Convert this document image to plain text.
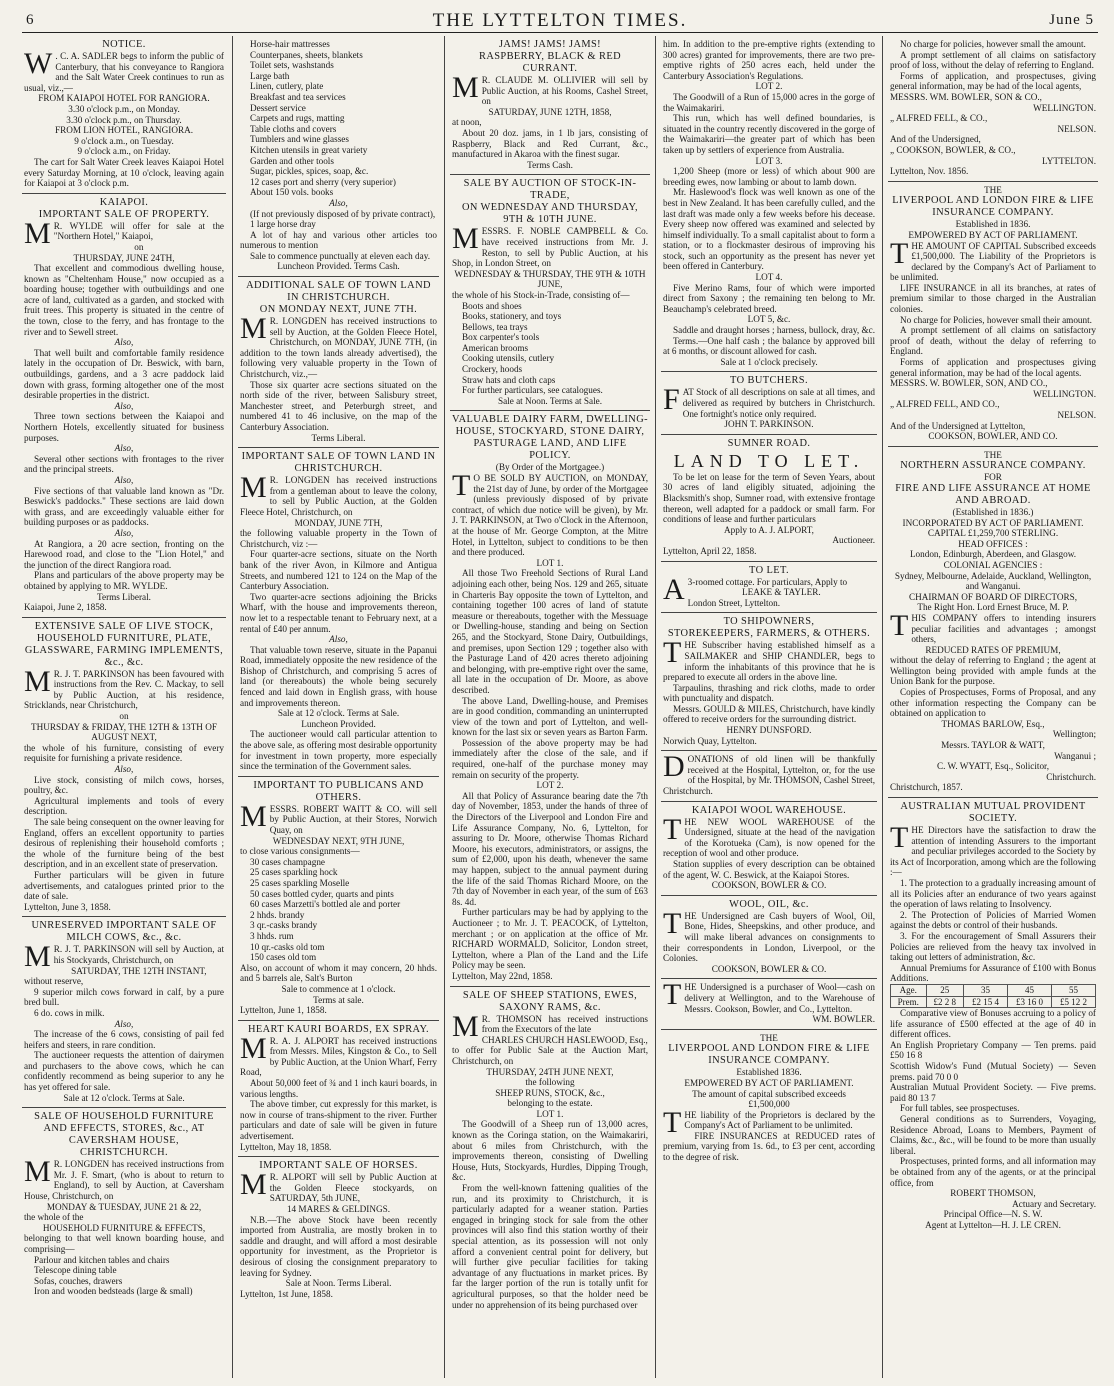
6	THE LYTTELTON TIMES.	June 5
NOTICE.

W . C. A. SADLER begs to inform the public of Canterbury, that his conveyance to Rangiora and the Salt Water Creek continues to run as usual, viz.,—

FROM KAIAPOI HOTEL FOR RANGIORA.

3.30 o'clock p.m., on Monday.

3.30 o'clock p.m., on Thursday.

FROM LION HOTEL, RANGIORA.

9 o'clock a.m., on Tuesday.

9 o'clock a.m., on Friday.

The cart for Salt Water Creek leaves Kaiapoi Hotel every Saturday Morning, at 10 o'clock, leaving again for Kaiapoi at 3 o'clock p.m.

KAIAPOI.
IMPORTANT SALE OF PROPERTY.

M R. WYLDE will offer for sale at the "Northern Hotel," Kaiapoi,

on

THURSDAY, JUNE 24TH,

That excellent and commodious dwelling house, known as "Cheltenham House," now occupied as a boarding house; together with outbuildings and one acre of land, cultivated as a garden, and stocked with fruit trees. This property is situated in the centre of the town, close to the ferry, and has frontage to the river and to Sewell street.

Also,

That well built and comfortable family residence lately in the occupation of Dr. Beswick, with barn, outbuildings, gardens, and a 3 acre paddock laid down with grass, forming altogether one of the most desirable properties in the district.

Also,

Three town sections between the Kaiapoi and Northern Hotels, excellently situated for business purposes.

Also,

Several other sections with frontages to the river and the principal streets.

Also,

Five sections of that valuable land known as "Dr. Beswick's paddocks." These sections are laid down with grass, and are exceedingly valuable either for building purposes or as paddocks.

Also,

At Rangiora, a 20 acre section, fronting on the Harewood road, and close to the "Lion Hotel," and the junction of the direct Rangiora road.

Plans and particulars of the above property may be obtained by applying to MR. WYLDE.

Terms Liberal.

Kaiapoi, June 2, 1858.

EXTENSIVE SALE OF LIVE STOCK, HOUSEHOLD FURNITURE, PLATE, GLASSWARE, FARMING IMPLEMENTS, &c., &c.

M R. J. T. PARKINSON has been favoured with instructions from the Rev. C. Mackay, to sell by Public Auction, at his residence, Stricklands, near Christchurch,

on

THURSDAY & FRIDAY, THE 12TH & 13TH OF AUGUST NEXT,

the whole of his furniture, consisting of every requisite for furnishing a private residence.

Also,

Live stock, consisting of milch cows, horses, poultry, &c.

Agricultural implements and tools of every description.

The sale being consequent on the owner leaving for England, offers an excellent opportunity to parties desirous of replenishing their household comforts ; the whole of the furniture being of the best description, and in an excellent state of preservation.

Further particulars will be given in future advertisements, and catalogues printed prior to the date of sale.

Lyttelton, June 3, 1858.

UNRESERVED IMPORTANT SALE OF MILCH COWS, &c., &c.

M R. J. T. PARKINSON will sell by Auction, at his Stockyards, Christchurch, on

SATURDAY, THE 12TH INSTANT,

without reserve,

9 superior milch cows forward in calf, by a pure bred bull.

6 do. cows in milk.

Also,

The increase of the 6 cows, consisting of pail fed heifers and steers, in rare condition.

The auctioneer requests the attention of dairymen and purchasers to the above cows, which he can confidently recommend as being superior to any he has yet offered for sale.

Sale at 12 o'clock. Terms at Sale.

SALE OF HOUSEHOLD FURNITURE AND EFFECTS, STORES, &c., AT CAVERSHAM HOUSE, CHRISTCHURCH.

M R. LONGDEN has received instructions from Mr. J. F. Smart, (who is about to return to England), to sell by Auction, at Caversham House, Christchurch, on

MONDAY & TUESDAY, JUNE 21 & 22,

the whole of the

HOUSEHOLD FURNITURE & EFFECTS,

belonging to that well known boarding house, and comprising—

Parlour and kitchen tables and chairs

Telescope dining table

Sofas, couches, drawers

Iron and wooden bedsteads (large & small)

Horse-hair mattresses

Counterpanes, sheets, blankets

Toilet sets, washstands

Large bath

Linen, cutlery, plate

Breakfast and tea services

Dessert service

Carpets and rugs, matting

Table cloths and covers

Tumblers and wine glasses

Kitchen utensils in great variety

Garden and other tools

Sugar, pickles, spices, soap, &c.

12 cases port and sherry (very superior)

About 150 vols. books

Also,

(If not previously disposed of by private contract),

1 large horse dray

A lot of hay and various other articles too numerous to mention

Sale to commence punctually at eleven each day.

Luncheon Provided. Terms Cash.

ADDITIONAL SALE OF TOWN LAND IN CHRISTCHURCH.
ON MONDAY NEXT, JUNE 7TH.

M R. LONGDEN has received instructions to sell by Auction, at the Golden Fleece Hotel, Christchurch, on MONDAY, JUNE 7TH, (in addition to the town lands already advertised), the following very valuable property in the Town of Christchurch, viz.,—

Those six quarter acre sections situated on the north side of the river, between Salisbury street, Manchester street, and Peterburgh street, and numbered 41 to 46 inclusive, on the map of the Canterbury Association.

Terms Liberal.

IMPORTANT SALE OF TOWN LAND IN CHRISTCHURCH.

M R. LONGDEN has received instructions from a gentleman about to leave the colony, to sell by Public Auction, at the Golden Fleece Hotel, Christchurch, on

MONDAY, JUNE 7TH,

the following valuable property in the Town of Christchurch, viz :—

Four quarter-acre sections, situate on the North bank of the river Avon, in Kilmore and Antigua Streets, and numbered 121 to 124 on the Map of the Canterbury Association.

Two quarter-acre sections adjoining the Bricks Wharf, with the house and improvements thereon, now let to a respectable tenant to February next, at a rental of £40 per annum.

Also,

That valuable town reserve, situate in the Papanui Road, immediately opposite the new residence of the Bishop of Christchurch, and comprising 5 acres of land (or thereabouts) the whole being securely fenced and laid down in English grass, with house and improvements thereon.

Sale at 12 o'clock. Terms at Sale.

Luncheon Provided.

The auctioneer would call particular attention to the above sale, as offering most desirable opportunity for investment in town property, more especially since the termination of the Government sales.

IMPORTANT TO PUBLICANS AND OTHERS.

MESSRS. ROBERT WAITT & CO. will sell by Public Auction, at their Stores, Norwich Quay, on

WEDNESDAY NEXT, 9TH JUNE,

to close various consignments—

30 cases champagne

25 cases sparkling hock

25 cases sparkling Moselle

50 cases bottled cyder, quarts and pints

60 cases Marzetti's bottled ale and porter

2 hhds. brandy

3 qr.-casks brandy

3 hhds. rum

10 qr.-casks old tom

150 cases old tom

Also, on account of whom it may concern, 20 hhds. and 5 barrels ale, Salt's Burton

Sale to commence at 1 o'clock.

Terms at sale.

Lyttelton, June 1, 1858.

HEART KAURI BOARDS, EX SPRAY.

M R. A. J. ALPORT has received instructions from Messrs. Miles, Kingston & Co., to Sell by Public Auction, at the Union Wharf, Ferry Road,

About 50,000 feet of ¾ and 1 inch kauri boards, in various lengths.

The above timber, cut expressly for this market, is now in course of trans-shipment to the river. Further particulars and date of sale will be given in future advertisement.

Lyttelton, May 18, 1858.

IMPORTANT SALE OF HORSES.

M R. ALPORT will sell by Public Auction at the Golden Fleece stockyards, on SATURDAY, 5th JUNE,

14 MARES & GELDINGS.

N.B.—The above Stock have been recently imported from Australia, are mostly broken in to saddle and draught, and will afford a most desirable opportunity for investment, as the Proprietor is desirous of closing the consignment preparatory to leaving for Sydney.

Sale at Noon. Terms Liberal.

Lyttelton, 1st June, 1858.

JAMS! JAMS! JAMS!
RASPBERRY, BLACK & RED CURRANT.

M R. CLAUDE M. OLLIVIER will sell by Public Auction, at his Rooms, Cashel Street, on

SATURDAY, JUNE 12TH, 1858,

at noon,

About 20 doz. jams, in 1 lb jars, consisting of Raspberry, Black and Red Currant, &c., manufactured in Akaroa with the finest sugar.

Terms Cash.

SALE BY AUCTION OF STOCK-IN-TRADE,
ON WEDNESDAY AND THURSDAY, 9TH & 10TH JUNE.

MESSRS. F. NOBLE CAMPBELL & Co. have received instructions from Mr. J. Reston, to sell by Public Auction, at his Shop, in London Street, on

WEDNESDAY & THURSDAY, THE 9TH & 10TH JUNE,

the whole of his Stock-in-Trade, consisting of—

Boots and shoes

Books, stationery, and toys

Bellows, tea trays

Box carpenter's tools

American brooms

Cooking utensils, cutlery

Crockery, hoods

Straw hats and cloth caps

For further particulars, see catalogues.

Sale at Noon. Terms at Sale.

VALUABLE DAIRY FARM, DWELLING-HOUSE, STOCKYARD, STONE DAIRY, PASTURAGE LAND, AND LIFE POLICY.

(By Order of the Mortgagee.)

T O BE SOLD BY AUCTION, on MONDAY, the 21st day of June, by order of the Mortgagee (unless previously disposed of by private contract, of which due notice will be given), by Mr. J. T. PARKINSON, at Two o'Clock in the Afternoon, at the house of Mr. George Compton, at the Mitre Hotel, in Lyttelton, subject to conditions to be then and there produced.

LOT 1.

All those Two Freehold Sections of Rural Land adjoining each other, being Nos. 129 and 265, situate in Charteris Bay opposite the town of Lyttelton, and containing together 100 acres of land of statute measure or thereabouts, together with the Messuage or Dwelling-house, standing and being on Section 265, and the Stockyard, Stone Dairy, Outbuildings, and premises, upon Section 129 ; together also with the Pasturage Land of 420 acres thereto adjoining and belonging, with pre-emptive right over the same, all late in the occupation of Dr. Moore, as above described.

The above Land, Dwelling-house, and Premises are in good condition, commanding an uninterrupted view of the town and port of Lyttelton, and well-known for the last six or seven years as Barton Farm.

Possession of the above property may be had immediately after the close of the sale, and if required, one-half of the purchase money may remain on security of the property.

LOT 2.

All that Policy of Assurance bearing date the 7th day of November, 1853, under the hands of three of the Directors of the Liverpool and London Fire and Life Assurance Company, No. 6, Lyttelton, for assuring to Dr. Moore, otherwise Thomas Richard Moore, his executors, administrators, or assigns, the sum of £2,000, upon his death, whenever the same may happen, subject to the annual payment during the life of the said Thomas Richard Moore, on the 7th day of November in each year, of the sum of £63 8s. 4d.

Further particulars may be had by applying to the Auctioneer ; to Mr. J. T. PEACOCK, of Lyttelton, merchant ; or on application at the office of Mr. RICHARD WORMALD, Solicitor, London street, Lyttelton, where a Plan of the Land and the Life Policy may be seen.

Lyttelton, May 22nd, 1858.

SALE OF SHEEP STATIONS, EWES, SAXONY RAMS, &c.

M R. THOMSON has received instructions from the Executors of the late

CHARLES CHURCH HASLEWOOD, Esq.,

to offer for Public Sale at the Auction Mart, Christchurch, on

THURSDAY, 24TH JUNE NEXT,

the following

SHEEP RUNS, STOCK, &c.,

belonging to the estate.

LOT 1.

The Goodwill of a Sheep run of 13,000 acres, known as the Coringa station, on the Waimakariri, about 6 miles from Christchurch, with the improvements thereon, consisting of Dwelling House, Huts, Stockyards, Hurdles, Dipping Trough, &c.

From the well-known fattening qualities of the run, and its proximity to Christchurch, it is particularly adapted for a weaner station. Parties engaged in bringing stock for sale from the other provinces will also find this station worthy of their special attention, as its possession will not only afford a convenient central point for delivery, but will further give peculiar facilities for taking advantage of any fluctuations in market prices. By far the larger portion of the run is totally unfit for agricultural purposes, so that the holder need be under no apprehension of its being purchased over

him. In addition to the pre-emptive rights (extending to 300 acres) granted for improvements, there are two pre-emptive rights of 250 acres each, held under the Canterbury Association's Regulations.

LOT 2.

The Goodwill of a Run of 15,000 acres in the gorge of the Waimakariri.

This run, which has well defined boundaries, is situated in the country recently discovered in the gorge of the Waimakariri—the greater part of which has been taken up by settlers of experience from Australia.

LOT 3.

1,200 Sheep (more or less) of which about 900 are breeding ewes, now lambing or about to lamb down.

Mr. Haslewood's flock was well known as one of the best in New Zealand. It has been carefully culled, and the last draft was made only a few weeks before his decease. Every sheep now offered was examined and selected by himself individually. To a small capitalist about to form a station, or to a flockmaster desirous of improving his stock, such an opportunity as the present has never yet been offered in Canterbury.

LOT 4.

Five Merino Rams, four of which were imported direct from Saxony ; the remaining ten belong to Mr. Beauchamp's celebrated breed.

LOT 5, &c.

Saddle and draught horses ; harness, bullock, dray, &c.

Terms.—One half cash ; the balance by approved bill at 6 months, or discount allowed for cash.

Sale at 1 o'clock precisely.

TO BUTCHERS.

FAT Stock of all descriptions on sale at all times, and delivered as required by butchers in Christchurch. One fortnight's notice only required.

JOHN T. PARKINSON.

SUMNER ROAD.
LAND TO LET.

To be let on lease for the term of Seven Years, about 30 acres of land eligibly situated, adjoining the Blacksmith's shop, Sumner road, with extensive frontage thereon, well adapted for a paddock or small farm. For conditions of lease and further particulars

Apply to A. J. ALPORT,

Auctioneer.

Lyttelton, April 22, 1858.

TO LET.

A 3-roomed cottage. For particulars, Apply to

LEAKE & TAYLER.

London Street, Lyttelton.

TO SHIPOWNERS,
STOREKEEPERS, FARMERS, & OTHERS.

THE Subscriber having established himself as a SAILMAKER and SHIP CHANDLER, begs to inform the inhabitants of this province that he is prepared to execute all orders in the above line.

Tarpaulins, thrashing and rick cloths, made to order with punctuality and dispatch.

Messrs. GOULD & MILES, Christchurch, have kindly offered to receive orders for the surrounding district.

HENRY DUNSFORD.

Norwich Quay, Lyttelton.

DONATIONS of old linen will be thankfully received at the Hospital, Lyttelton, or, for the use of the Hospital, by Mr. THOMSON, Cashel Street, Christchurch.

KAIAPOI WOOL WAREHOUSE.

THE NEW WOOL WAREHOUSE of the Undersigned, situate at the head of the navigation of the Korotueka (Cam), is now opened for the reception of wool and other produce.

Station supplies of every description can be obtained of the agent, W. C. Beswick, at the Kaiapoi Stores.

COOKSON, BOWLER & CO.

WOOL, OIL, &c.

THE Undersigned are Cash buyers of Wool, Oil, Bone, Hides, Sheepskins, and other produce, and will make liberal advances on consignments to their correspondents in London, Liverpool, or the Colonies.

COOKSON, BOWLER & CO.

THE Undersigned is a purchaser of Wool—cash on delivery at Wellington, and to the Warehouse of Messrs. Cookson, Bowler, and Co., Lyttelton.

WM. BOWLER.

THE

LIVERPOOL AND LONDON FIRE & LIFE INSURANCE COMPANY.

Established 1836.

EMPOWERED BY ACT OF PARLIAMENT.

The amount of capital subscribed exceeds

£1,500,000

THE liability of the Proprietors is declared by the Company's Act of Parliament to be unlimited.

FIRE INSURANCES at REDUCED rates of premium, varying from 1s. 6d., to £3 per cent, according to the degree of risk.

No charge for policies, however small the amount.

A prompt settlement of all claims on satisfactory proof of loss, without the delay of referring to England.

Forms of application, and prospectuses, giving general information, may be had of the local agents,

MESSRS. WM. BOWLER, SON & CO.,

WELLINGTON.

„ ALFRED FELL, & CO.,

NELSON.

And of the Undersigned,

„ COOKSON, BOWLER, & CO.,

LYTTELTON.

Lyttelton, Nov. 1856.

THE

LIVERPOOL AND LONDON FIRE & LIFE INSURANCE COMPANY.

Established in 1836.

EMPOWERED BY ACT OF PARLIAMENT.

THE AMOUNT OF CAPITAL Subscribed exceeds £1,500,000. The Liability of the Proprietors is declared by the Company's Act of Parliament to be unlimited.

LIFE INSURANCE in all its branches, at rates of premium similar to those charged in the Australian colonies.

No charge for Policies, however small their amount.

A prompt settlement of all claims on satisfactory proof of death, without the delay of referring to England.

Forms of application and prospectuses giving general information, may be had of the local agents.

MESSRS. W. BOWLER, SON, AND CO.,

WELLINGTON.

„ ALFRED FELL, AND CO.,

NELSON.

And of the Undersigned at Lyttelton,

COOKSON, BOWLER, AND CO.

THE

NORTHERN ASSURANCE COMPANY.

FOR

FIRE AND LIFE ASSURANCE AT HOME AND ABROAD.

(Established in 1836.)

INCORPORATED BY ACT OF PARLIAMENT.

CAPITAL £1,259,700 STERLING.

HEAD OFFICES :

London, Edinburgh, Aberdeen, and Glasgow.

COLONIAL AGENCIES :

Sydney, Melbourne, Adelaide, Auckland, Wellington, and Wanganui.

CHAIRMAN OF BOARD OF DIRECTORS,

The Right Hon. Lord Ernest Bruce, M. P.

THIS COMPANY offers to intending insurers peculiar facilities and advantages ; amongst others,

REDUCED RATES OF PREMIUM,

without the delay of referring to England ; the agent at Wellington being provided with ample funds at the Union Bank for the purpose.

Copies of Prospectuses, Forms of Proposal, and any other information respecting the Company can be obtained on application to

THOMAS BARLOW, Esq.,

Wellington;

Messrs. TAYLOR & WATT,

Wanganui ;

C. W. WYATT, Esq., Solicitor,

Christchurch.

Christchurch, 1857.

AUSTRALIAN MUTUAL PROVIDENT SOCIETY.

THE Directors have the satisfaction to draw the attention of intending Assurers to the important and peculiar privileges accorded to the Society by its Act of Incorporation, among which are the following :—

1. The protection to a gradually increasing amount of all its Policies after an endurance of two years against the operation of laws relating to Insolvency.

2. The Protection of Policies of Married Women against the debts or control of their husbands.

3. For the encouragement of Small Assurers their Policies are relieved from the heavy tax involved in taking out letters of administration, &c.

Annual Premiums for Assurance of £100 with Bonus Additions.

Age.	25	35	45	55
Prem.	£2 2 8	£2 15 4	£3 16 0	£5 12 2

Comparative view of Bonuses accruing to a policy of life assurance of £500 effected at the age of 40 in different offices.

An English Proprietary Company — Ten prems. paid £50 16 8

Scottish Widow's Fund (Mutual Society) — Seven prems. paid 70 0 0

Australian Mutual Provident Society. — Five prems. paid 80 13 7

For full tables, see prospectuses.

General conditions as to Surrenders, Voyaging, Residence Abroad, Loans to Members, Payment of Claims, &c., &c., will be found to be more than usually liberal.

Prospectuses, printed forms, and all information may be obtained from any of the agents, or at the principal office, from

ROBERT THOMSON,

Actuary and Secretary.

Principal Office—N. S. W.

Agent at Lyttelton—H. J. LE CREN.
